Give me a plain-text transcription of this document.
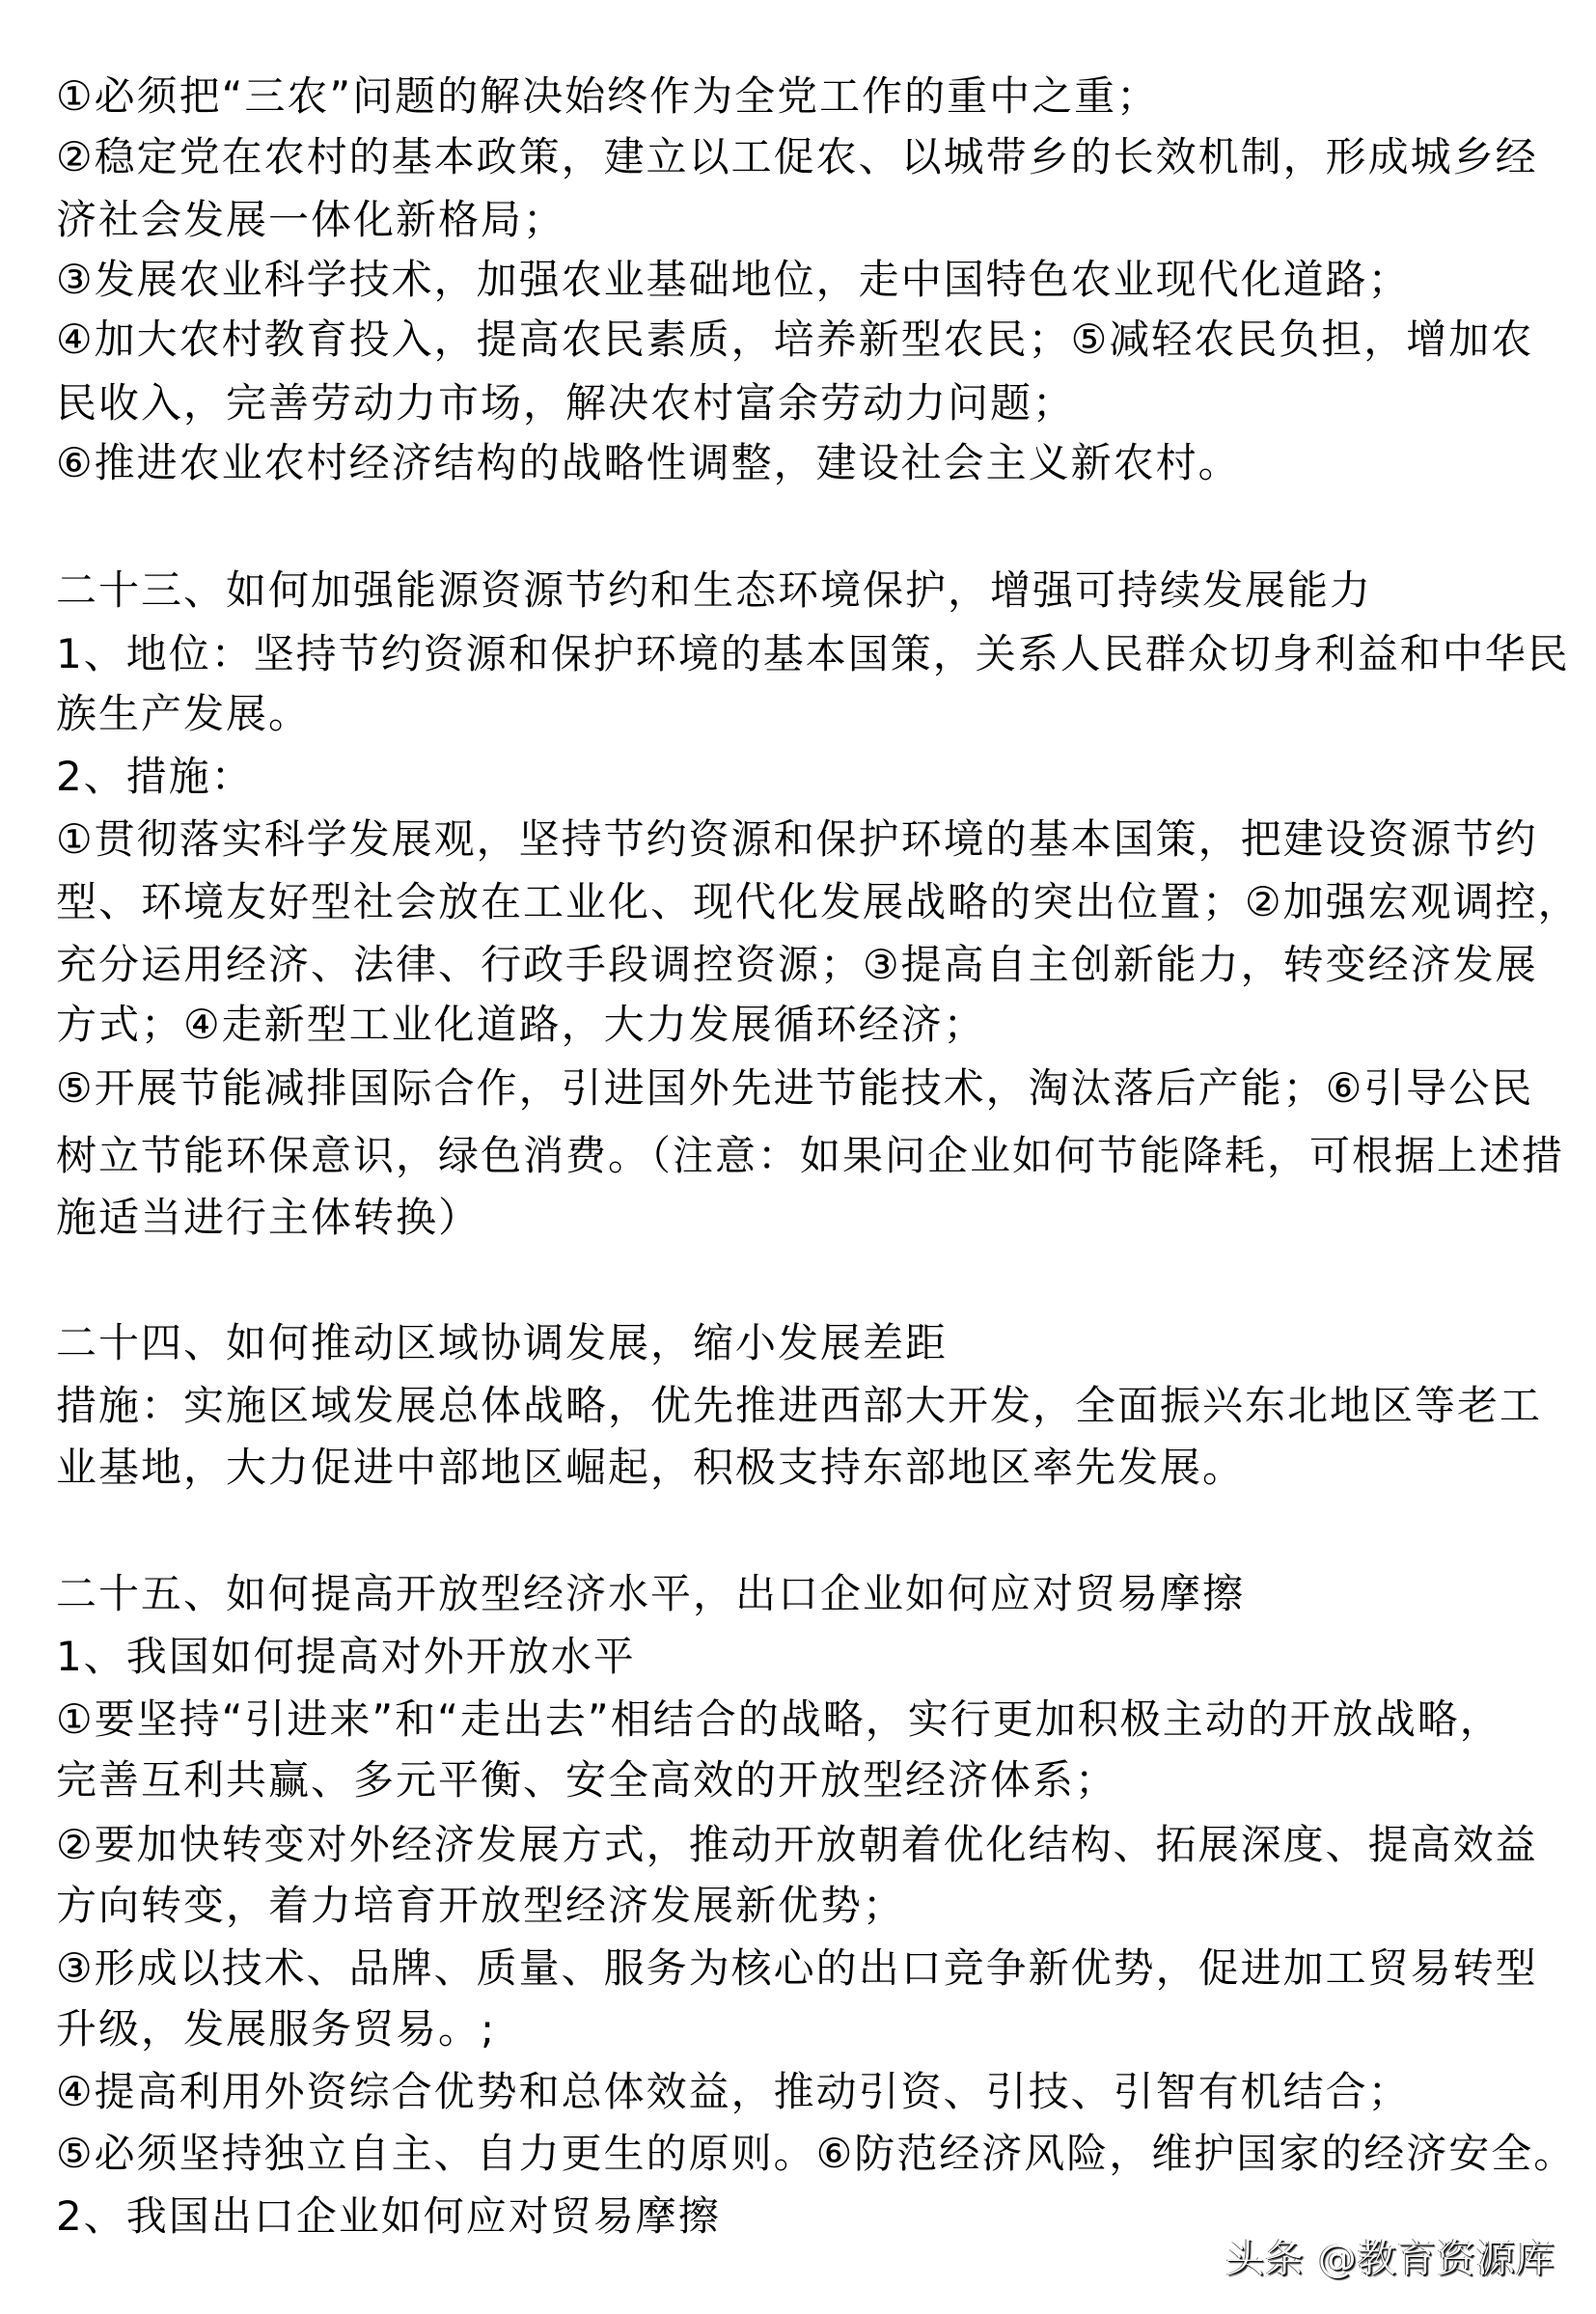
①必须把“三农”问题的解决始终作为全党工作的重中之重；
②稳定党在农村的基本政策，建立以工促农、以城带乡的长效机制，形成城乡经
济社会发展一体化新格局；
③发展农业科学技术，加强农业基础地位，走中国特色农业现代化道路；
④加大农村教育投入，提高农民素质，培养新型农民；⑤减轻农民负担，增加农
民收入，完善劳动力市场，解决农村富余劳动力问题；
⑥推进农业农村经济结构的战略性调整，建设社会主义新农村。
二十三、如何加强能源资源节约和生态环境保护，增强可持续发展能力
1、地位：坚持节约资源和保护环境的基本国策，关系人民群众切身利益和中华民
族生产发展。
2、措施：
①贯彻落实科学发展观，坚持节约资源和保护环境的基本国策，把建设资源节约
型、环境友好型社会放在工业化、现代化发展战略的突出位置；②加强宏观调控，
充分运用经济、法律、行政手段调控资源；③提高自主创新能力，转变经济发展
方式；④走新型工业化道路，大力发展循环经济；
⑤开展节能减排国际合作，引进国外先进节能技术，淘汰落后产能；⑥引导公民
树立节能环保意识，绿色消费。（注意：如果问企业如何节能降耗，可根据上述措
施适当进行主体转换）
二十四、如何推动区域协调发展，缩小发展差距
措施：实施区域发展总体战略，优先推进西部大开发，全面振兴东北地区等老工
业基地，大力促进中部地区崛起，积极支持东部地区率先发展。
二十五、如何提高开放型经济水平，出口企业如何应对贸易摩擦
1、我国如何提高对外开放水平
①要坚持“引进来”和“走出去”相结合的战略，实行更加积极主动的开放战略，
完善互利共赢、多元平衡、安全高效的开放型经济体系；
②要加快转变对外经济发展方式，推动开放朝着优化结构、拓展深度、提高效益
方向转变，着力培育开放型经济发展新优势；
③形成以技术、品牌、质量、服务为核心的出口竞争新优势，促进加工贸易转型
升级，发展服务贸易。;
④提高利用外资综合优势和总体效益，推动引资、引技、引智有机结合；
⑤必须坚持独立自主、自力更生的原则。⑥防范经济风险，维护国家的经济安全。
2、我国出口企业如何应对贸易摩擦
头条 @教育资源库
